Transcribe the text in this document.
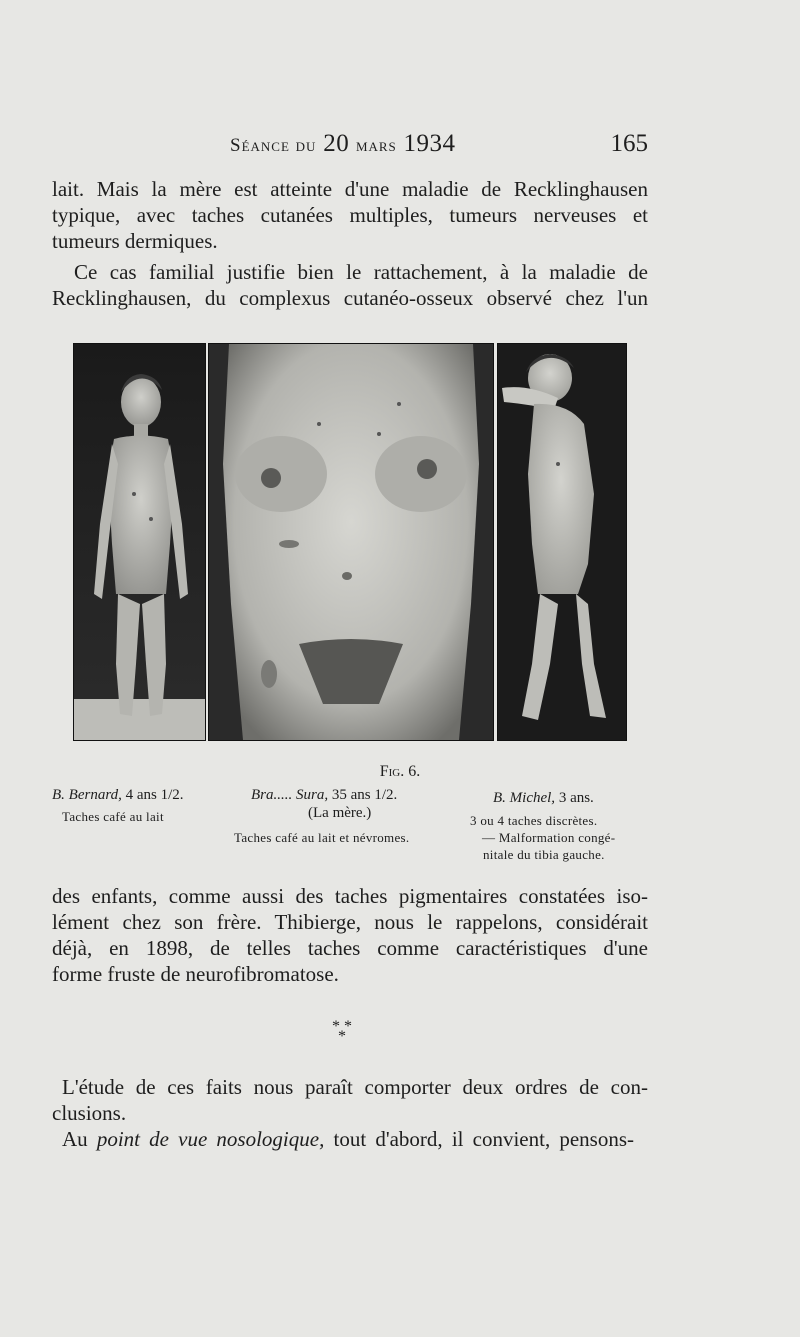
Séance du 20 mars 1934	165

lait. Mais la mère est atteinte d'une maladie de Recklinghausen
typique, avec taches cutanées multiples, tumeurs nerveuses et
tumeurs dermiques.

Ce cas familial justifie bien le rattachement, à la maladie de
Recklinghausen, du complexus cutanéo-osseux observé chez l'un

Fig. 6.
B. Bernard, 4 ans 1/2.
Taches café au lait
Bra..... Sura, 35 ans 1/2.
(La mère.)
Taches café au lait et névromes.
B. Michel, 3 ans.
3 ou 4 taches discrètes.
— Malformation congé-
nitale du tibia gauche.

des enfants, comme aussi des taches pigmentaires constatées iso-
lément chez son frère. Thibierge, nous le rappelons, considérait
déjà, en 1898, de telles taches comme caractéristiques d'une
forme fruste de neurofibromatose.

* * *

L'étude de ces faits nous paraît comporter deux ordres de con-
clusions.

Au point de vue nosologique, tout d'abord, il convient, pensons-
